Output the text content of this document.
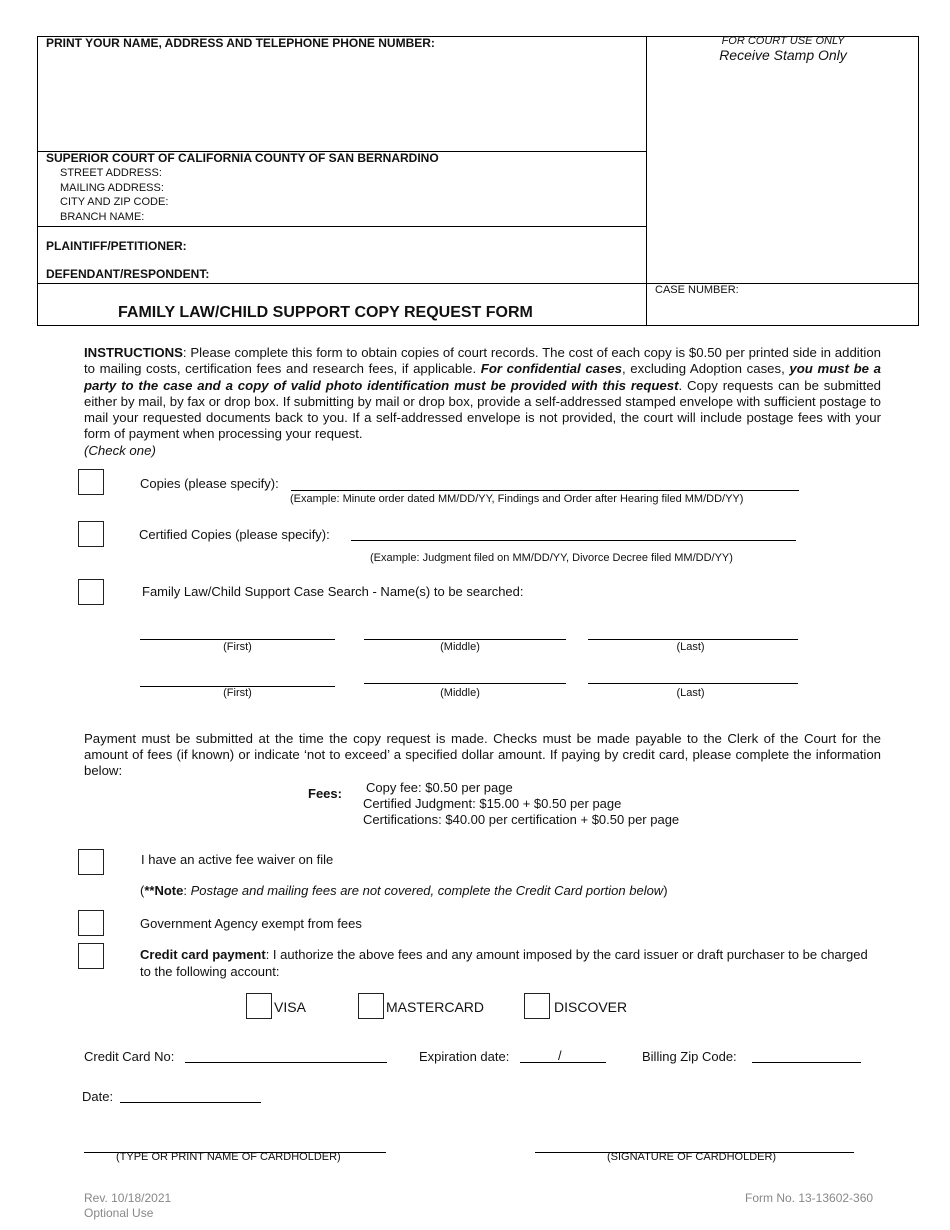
PRINT YOUR NAME, ADDRESS AND TELEPHONE PHONE NUMBER:	FOR COURT USE ONLY
Receive Stamp Only
SUPERIOR COURT OF CALIFORNIA COUNTY OF SAN BERNARDINO
STREET ADDRESS:
MAILING ADDRESS:
CITY AND ZIP CODE:
BRANCH NAME:
PLAINTIFF/PETITIONER:
DEFENDANT/RESPONDENT:
FAMILY LAW/CHILD SUPPORT COPY REQUEST FORM
CASE NUMBER:
INSTRUCTIONS: Please complete this form to obtain copies of court records. The cost of each copy is $0.50 per printed side in addition to mailing costs, certification fees and research fees, if applicable. For confidential cases, excluding Adoption cases, you must be a party to the case and a copy of valid photo identification must be provided with this request. Copy requests can be submitted either by mail, by fax or drop box. If submitting by mail or drop box, provide a self-addressed stamped envelope with sufficient postage to mail your requested documents back to you. If a self-addressed envelope is not provided, the court will include postage fees with your form of payment when processing your request.
(Check one)
Copies (please specify):
(Example: Minute order dated MM/DD/YY, Findings and Order after Hearing filed MM/DD/YY)
Certified Copies (please specify):
(Example: Judgment filed on MM/DD/YY, Divorce Decree filed MM/DD/YY)
Family Law/Child Support Case Search - Name(s) to be searched:
(First)	(Middle)	(Last)
(First)	(Middle)	(Last)
Payment must be submitted at the time the copy request is made. Checks must be made payable to the Clerk of the Court for the amount of fees (if known) or indicate ‘not to exceed’ a specified dollar amount. If paying by credit card, please complete the information below:
Fees: Copy fee: $0.50 per page
Certified Judgment: $15.00 + $0.50 per page
Certifications: $40.00 per certification + $0.50 per page
I have an active fee waiver on file
(**Note: Postage and mailing fees are not covered, complete the Credit Card portion below)
Government Agency exempt from fees
Credit card payment: I authorize the above fees and any amount imposed by the card issuer or draft purchaser to be charged to the following account:
VISA	MASTERCARD	DISCOVER
Credit Card No:	Expiration date:	/	Billing Zip Code:
Date:
(TYPE OR PRINT NAME OF CARDHOLDER)	(SIGNATURE OF CARDHOLDER)
Rev. 10/18/2021
Optional Use
Form No. 13-13602-360
